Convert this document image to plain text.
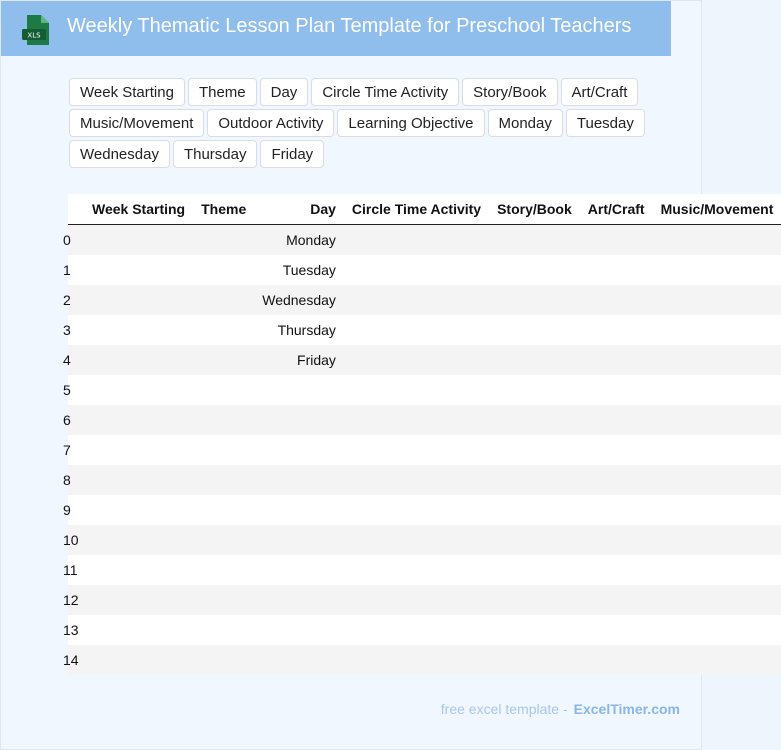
XLS Weekly Thematic Lesson Plan Template for Preschool Teachers
Week Starting	Theme	Day	Circle Time Activity	Story/Book	Art/Craft
Music/Movement	Outdoor Activity	Learning Objective	Monday	Tuesday
Wednesday	Thursday	Friday
	Week Starting	Theme	Day	Circle Time Activity	Story/Book	Art/Craft	Music/Movement
0			Monday				
1			Tuesday				
2			Wednesday				
3			Thursday				
4			Friday				
5							
6							
7							
8							
9							
10							
11							
12							
13							
14							
free excel template - ExcelTimer.com
